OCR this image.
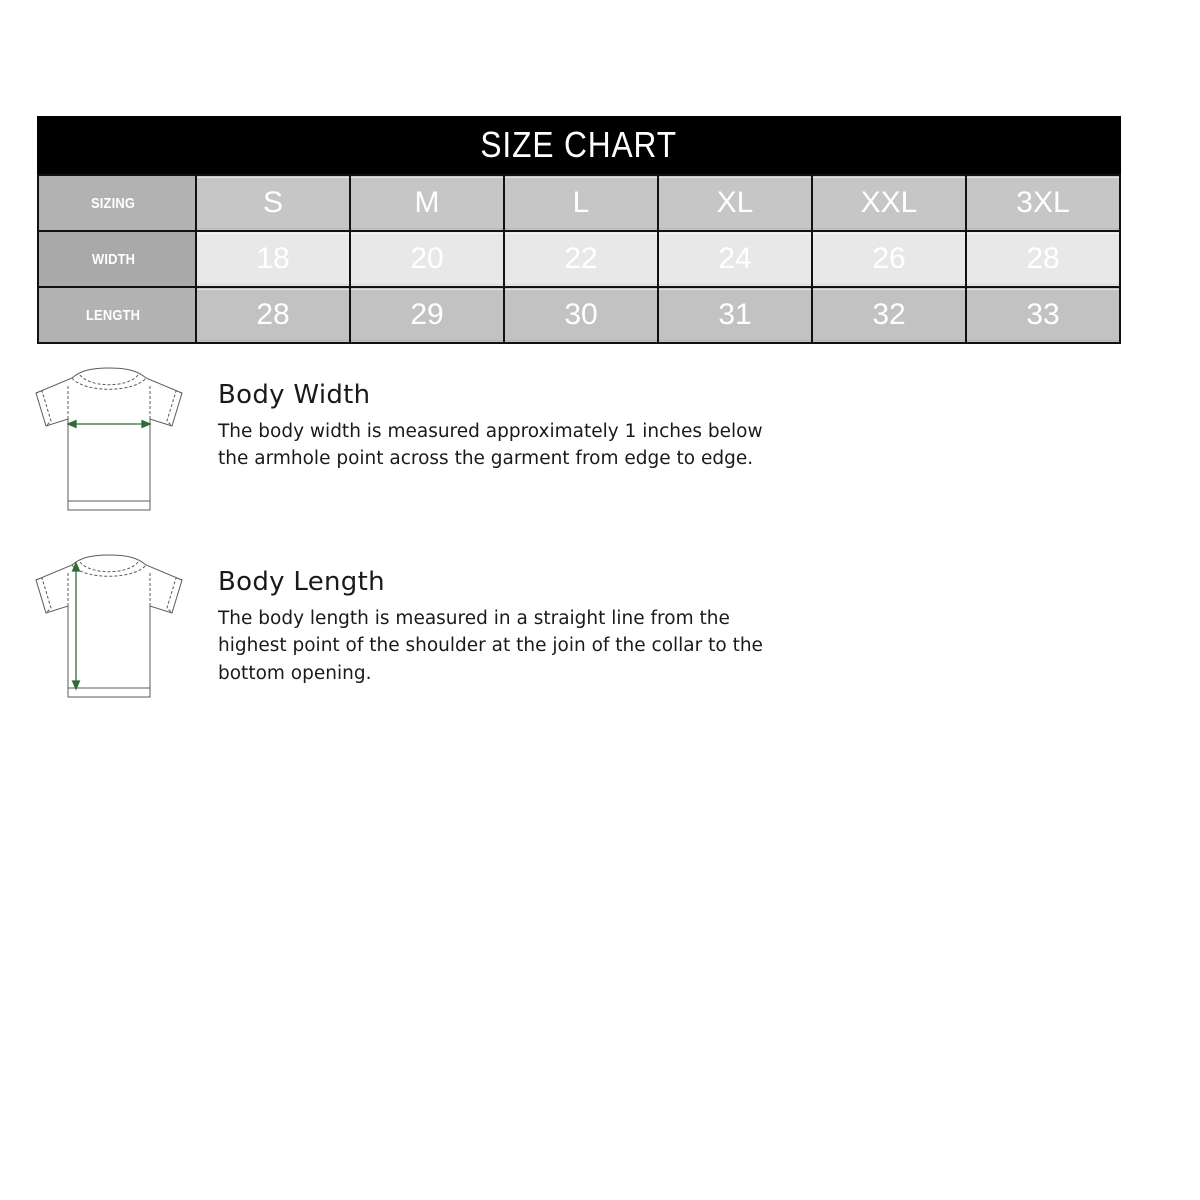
SIZE CHART
SIZING	S	M	L	XL	XXL	3XL

WIDTH	18	20	22	24	26	28

LENGTH	28	29	30	31	32	33
Body Width

The body width is measured approximately 1 inches below the armhole point across the garment from edge to edge.

Body Length

The body length is measured in a straight line from the highest point of the shoulder at the join of the collar to the bottom opening.
